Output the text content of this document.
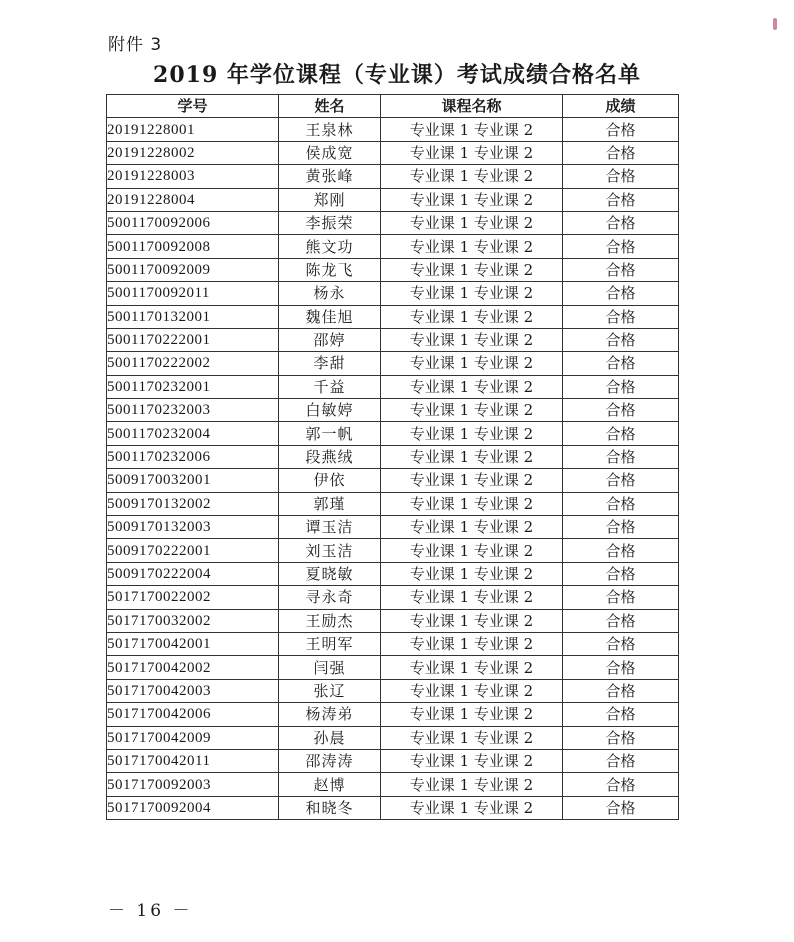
附件 3
2019 年学位课程（专业课）考试成绩合格名单
学号	姓名	课程名称	成绩
20191228001	王泉林	专业课 1 专业课 2	合格
20191228002	侯成宽	专业课 1 专业课 2	合格
20191228003	黄张峰	专业课 1 专业课 2	合格
20191228004	郑刚	专业课 1 专业课 2	合格
5001170092006	李振荣	专业课 1 专业课 2	合格
5001170092008	熊文功	专业课 1 专业课 2	合格
5001170092009	陈龙飞	专业课 1 专业课 2	合格
5001170092011	杨永	专业课 1 专业课 2	合格
5001170132001	魏佳旭	专业课 1 专业课 2	合格
5001170222001	邵婷	专业课 1 专业课 2	合格
5001170222002	李甜	专业课 1 专业课 2	合格
5001170232001	千益	专业课 1 专业课 2	合格
5001170232003	白敏婷	专业课 1 专业课 2	合格
5001170232004	郭一帆	专业课 1 专业课 2	合格
5001170232006	段燕绒	专业课 1 专业课 2	合格
5009170032001	伊依	专业课 1 专业课 2	合格
5009170132002	郭瑾	专业课 1 专业课 2	合格
5009170132003	谭玉洁	专业课 1 专业课 2	合格
5009170222001	刘玉洁	专业课 1 专业课 2	合格
5009170222004	夏晓敏	专业课 1 专业课 2	合格
5017170022002	寻永奇	专业课 1 专业课 2	合格
5017170032002	王励杰	专业课 1 专业课 2	合格
5017170042001	王明军	专业课 1 专业课 2	合格
5017170042002	闫强	专业课 1 专业课 2	合格
5017170042003	张辽	专业课 1 专业课 2	合格
5017170042006	杨涛弟	专业课 1 专业课 2	合格
5017170042009	孙晨	专业课 1 专业课 2	合格
5017170042011	邵涛涛	专业课 1 专业课 2	合格
5017170092003	赵博	专业课 1 专业课 2	合格
5017170092004	和晓冬	专业课 1 专业课 2	合格
－ 16 －
